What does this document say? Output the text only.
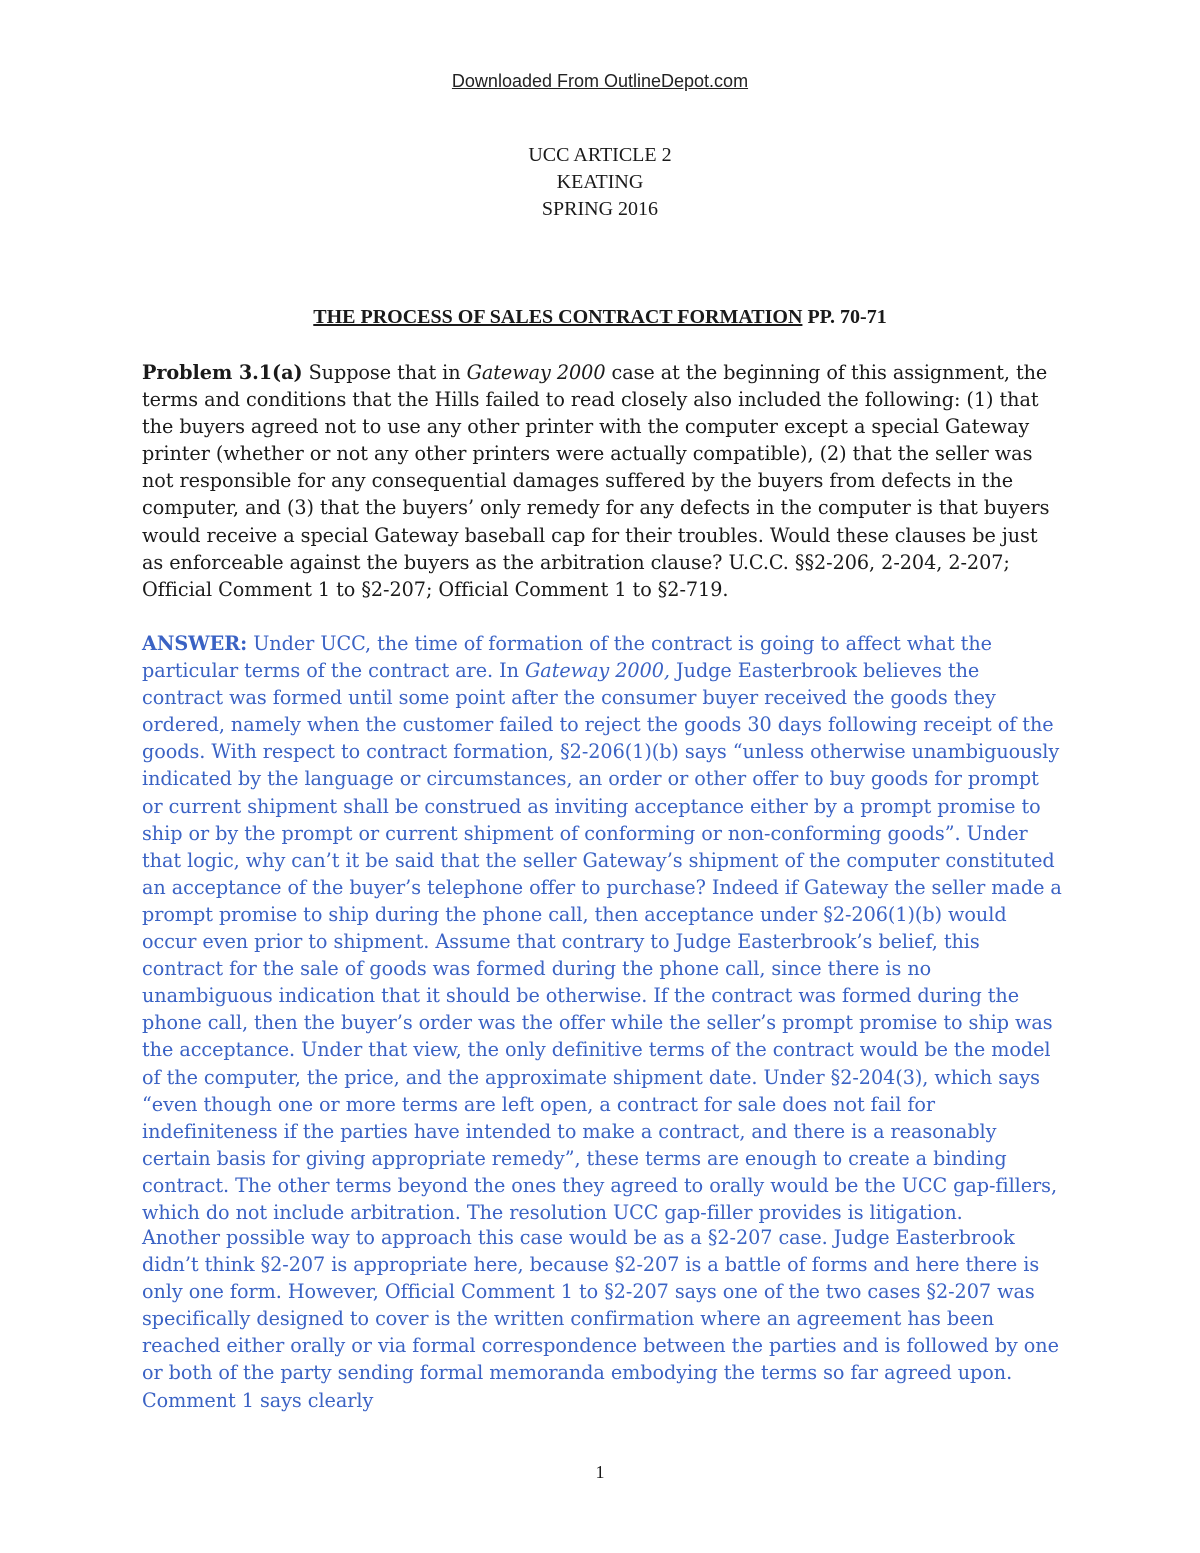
Downloaded From OutlineDepot.com
UCC ARTICLE 2
KEATING
SPRING 2016
THE PROCESS OF SALES CONTRACT FORMATION PP. 70-71
Problem 3.1(a) Suppose that in Gateway 2000 case at the beginning of this assignment, the terms and conditions that the Hills failed to read closely also included the following: (1) that the buyers agreed not to use any other printer with the computer except a special Gateway printer (whether or not any other printers were actually compatible), (2) that the seller was not responsible for any consequential damages suffered by the buyers from defects in the computer, and (3) that the buyers’ only remedy for any defects in the computer is that buyers would receive a special Gateway baseball cap for their troubles. Would these clauses be just as enforceable against the buyers as the arbitration clause? U.C.C. §§2-206, 2-204, 2-207; Official Comment 1 to §2-207; Official Comment 1 to §2-719.
ANSWER: Under UCC, the time of formation of the contract is going to affect what the particular terms of the contract are. In Gateway 2000, Judge Easterbrook believes the contract was formed until some point after the consumer buyer received the goods they ordered, namely when the customer failed to reject the goods 30 days following receipt of the goods. With respect to contract formation, §2-206(1)(b) says “unless otherwise unambiguously indicated by the language or circumstances, an order or other offer to buy goods for prompt or current shipment shall be construed as inviting acceptance either by a prompt promise to ship or by the prompt or current shipment of conforming or non-conforming goods”. Under that logic, why can’t it be said that the seller Gateway’s shipment of the computer constituted an acceptance of the buyer’s telephone offer to purchase? Indeed if Gateway the seller made a prompt promise to ship during the phone call, then acceptance under §2-206(1)(b) would occur even prior to shipment. Assume that contrary to Judge Easterbrook’s belief, this contract for the sale of goods was formed during the phone call, since there is no unambiguous indication that it should be otherwise. If the contract was formed during the phone call, then the buyer’s order was the offer while the seller’s prompt promise to ship was the acceptance. Under that view, the only definitive terms of the contract would be the model of the computer, the price, and the approximate shipment date. Under §2-204(3), which says “even though one or more terms are left open, a contract for sale does not fail for indefiniteness if the parties have intended to make a contract, and there is a reasonably certain basis for giving appropriate remedy”, these terms are enough to create a binding contract. The other terms beyond the ones they agreed to orally would be the UCC gap-fillers, which do not include arbitration. The resolution UCC gap-filler provides is litigation.
Another possible way to approach this case would be as a §2-207 case. Judge Easterbrook didn’t think §2-207 is appropriate here, because §2-207 is a battle of forms and here there is only one form. However, Official Comment 1 to §2-207 says one of the two cases §2-207 was specifically designed to cover is the written confirmation where an agreement has been reached either orally or via formal correspondence between the parties and is followed by one or both of the party sending formal memoranda embodying the terms so far agreed upon. Comment 1 says clearly
1
